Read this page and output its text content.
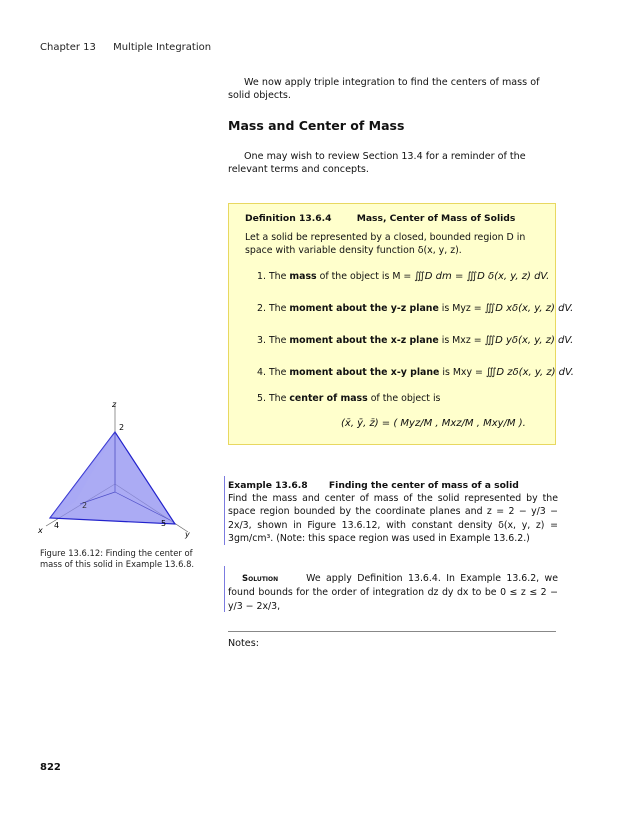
Chapter 13 Multiple Integration
We now apply triple integration to find the centers of mass of solid objects.
Mass and Center of Mass
One may wish to review Section 13.4 for a reminder of the relevant terms and concepts.
Definition 13.6.4	Mass, Center of Mass of Solids
Let a solid be represented by a closed, bounded region D in space with variable density function δ(x, y, z).
1. The mass of the object is M = ∭D dm = ∭D δ(x, y, z) dV.
2. The moment about the y-z plane is Myz = ∭D xδ(x, y, z) dV.
3. The moment about the x-z plane is Mxz = ∭D yδ(x, y, z) dV.
4. The moment about the x-y plane is Mxy = ∭D zδ(x, y, z) dV.
5. The center of mass of the object is
(x̄, ȳ, z̄) = ( Myz/M , Mxz/M , Mxy/M ).
Example 13.6.8 Finding the center of mass of a solid
Find the mass and center of mass of the solid represented by the space region bounded by the coordinate planes and z = 2 − y/3 − 2x/3, shown in Figure 13.6.12, with constant density δ(x, y, z) = 3gm/cm³. (Note: this space region was used in Example 13.6.2.)
Solution	We apply Definition 13.6.4. In Example 13.6.2, we found bounds for the order of integration dz dy dx to be 0 ≤ z ≤ 2 − y/3 − 2x/3,
Notes:
z
2
x
4
y
5
2
Figure 13.6.12: Finding the center of mass of this solid in Example 13.6.8.
822
